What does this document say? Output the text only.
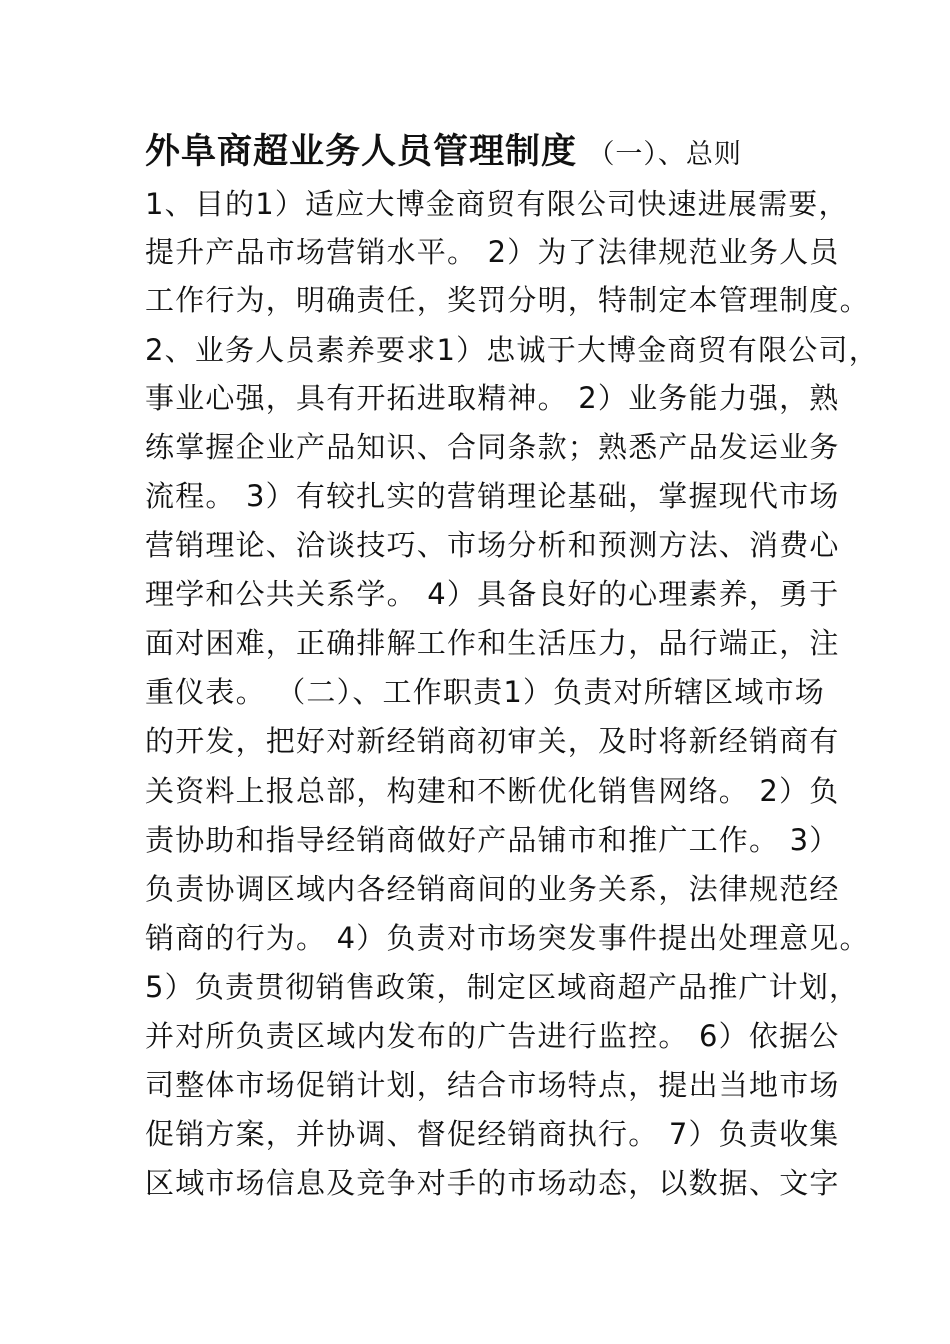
外阜商超业务人员管理制度 （一）、总则
1、目的1）适应大博金商贸有限公司快速进展需要，
提升产品市场营销水平。 2）为了法律规范业务人员
工作行为，明确责任，奖罚分明，特制定本管理制度。
2、业务人员素养要求1）忠诚于大博金商贸有限公司，
事业心强，具有开拓进取精神。 2）业务能力强，熟
练掌握企业产品知识、合同条款；熟悉产品发运业务
流程。 3）有较扎实的营销理论基础，掌握现代市场
营销理论、洽谈技巧、市场分析和预测方法、消费心
理学和公共关系学。 4）具备良好的心理素养，勇于
面对困难，正确排解工作和生活压力，品行端正，注
重仪表。 （二）、工作职责1）负责对所辖区域市场
的开发，把好对新经销商初审关，及时将新经销商有
关资料上报总部，构建和不断优化销售网络。 2）负
责协助和指导经销商做好产品铺市和推广工作。 3）
负责协调区域内各经销商间的业务关系，法律规范经
销商的行为。 4）负责对市场突发事件提出处理意见。
5）负责贯彻销售政策，制定区域商超产品推广计划，
并对所负责区域内发布的广告进行监控。 6）依据公
司整体市场促销计划，结合市场特点，提出当地市场
促销方案，并协调、督促经销商执行。 7）负责收集
区域市场信息及竞争对手的市场动态，以数据、文字
